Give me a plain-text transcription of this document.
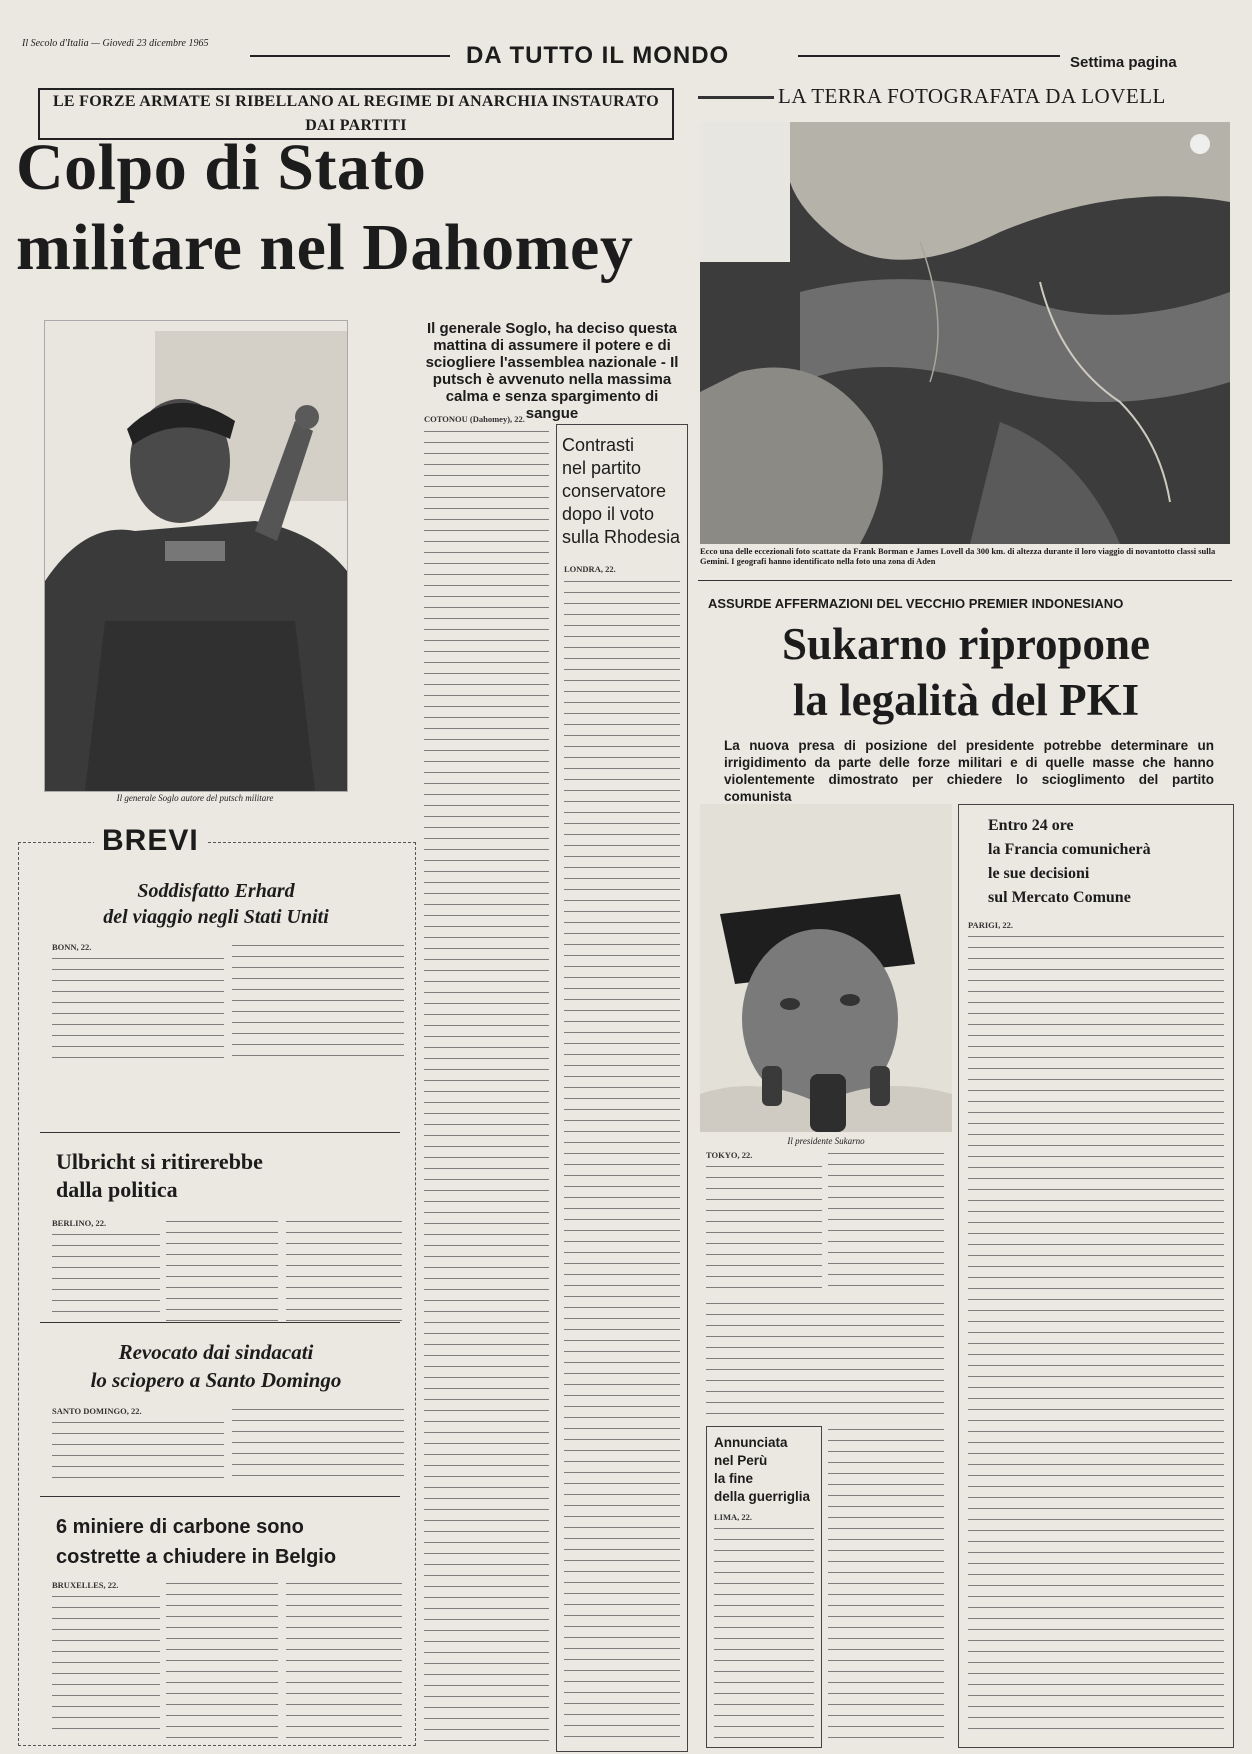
Il Secolo d'Italia — Giovedì 23 dicembre 1965	DA TUTTO IL MONDO	Settima pagina
LE FORZE ARMATE SI RIBELLANO AL REGIME DI ANARCHIA INSTAURATO DAI PARTITI
Colpo di Stato
militare nel Dahomey
Il generale Soglo autore del putsch militare
Il generale Soglo, ha deciso questa mattina di assumere il potere e di sciogliere l'assemblea nazionale - Il putsch è avvenuto nella massima calma e senza spargimento di sangue
COTONOU (Dahomey), 22.
Contrasti
nel partito
conservatore
dopo il voto
sulla Rhodesia
LONDRA, 22.
BREVI
Soddisfatto Erhard
del viaggio negli Stati Uniti
BONN, 22.
Ulbricht si ritirerebbe
dalla politica
BERLINO, 22.
Revocato dai sindacati
lo sciopero a Santo Domingo
SANTO DOMINGO, 22.
6 miniere di carbone sono
costrette a chiudere in Belgio
BRUXELLES, 22.
LA TERRA FOTOGRAFATA DA LOVELL
Ecco una delle eccezionali foto scattate da Frank Borman e James Lovell da 300 km. di altezza durante il loro viaggio di novantotto classi sulla Gemini. I geografi hanno identificato nella foto una zona di Aden
ASSURDE AFFERMAZIONI DEL VECCHIO PREMIER INDONESIANO
Sukarno ripropone
la legalità del PKI
La nuova presa di posizione del presidente potrebbe determinare un irrigidimento da parte delle forze militari e di quelle masse che hanno violentemente dimostrato per chiedere lo scioglimento del partito comunista
Il presidente Sukarno
TOKYO, 22.
Annunciata
nel Perù
la fine
della guerriglia
LIMA, 22.
Entro 24 ore
la Francia comunicherà
le sue decisioni
sul Mercato Comune
PARIGI, 22.
